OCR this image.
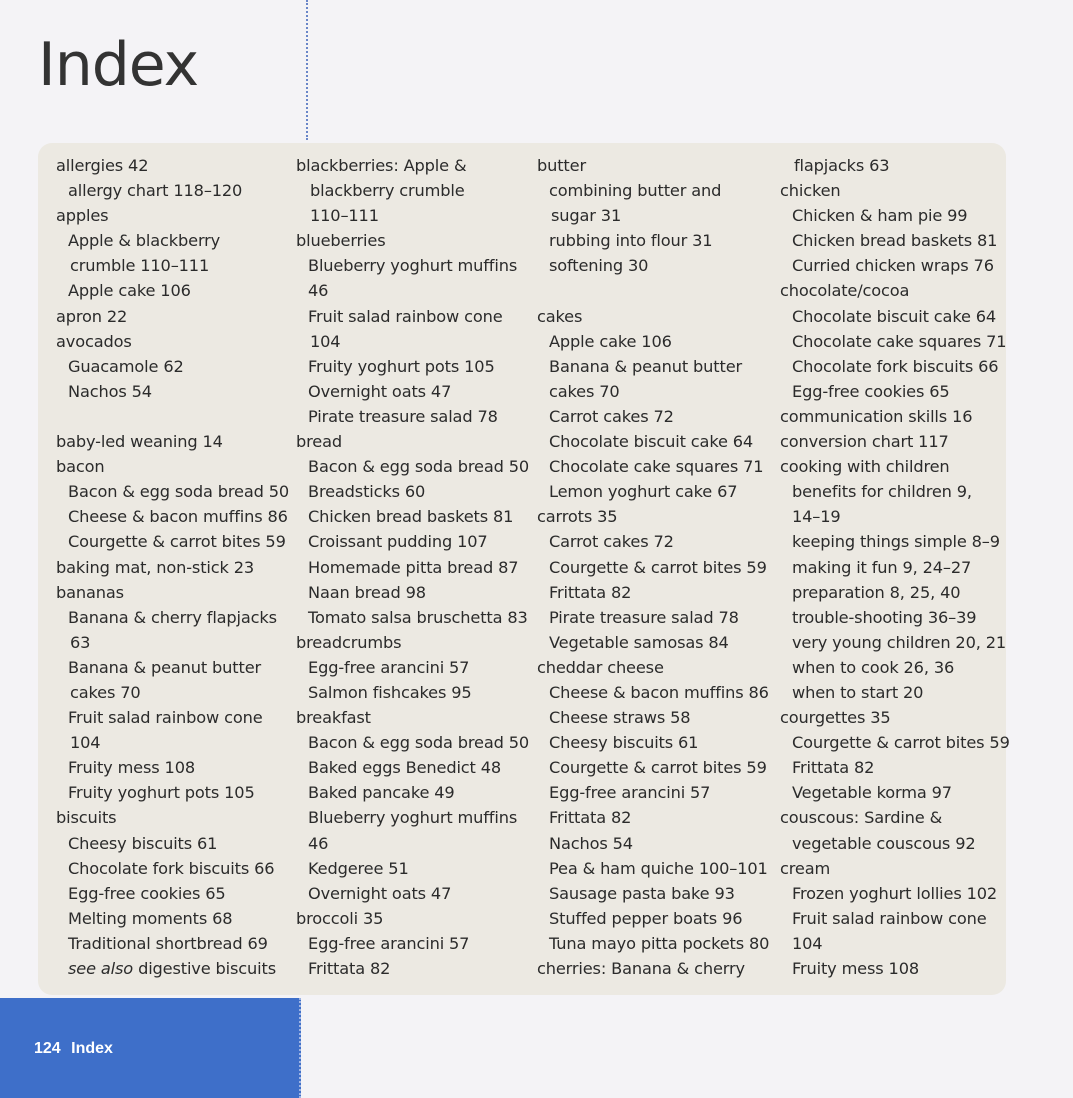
Index
allergies 42
allergy chart 118–120
apples
Apple & blackberry
crumble 110–111
Apple cake 106
apron 22
avocados
Guacamole 62
Nachos 54
baby-led weaning 14
bacon
Bacon & egg soda bread 50
Cheese & bacon muffins 86
Courgette & carrot bites 59
baking mat, non-stick 23
bananas
Banana & cherry flapjacks
63
Banana & peanut butter
cakes 70
Fruit salad rainbow cone
104
Fruity mess 108
Fruity yoghurt pots 105
biscuits
Cheesy biscuits 61
Chocolate fork biscuits 66
Egg-free cookies 65
Melting moments 68
Traditional shortbread 69
see also digestive biscuits
blackberries: Apple &
blackberry crumble
110–111
blueberries
Blueberry yoghurt muffins
46
Fruit salad rainbow cone
104
Fruity yoghurt pots 105
Overnight oats 47
Pirate treasure salad 78
bread
Bacon & egg soda bread 50
Breadsticks 60
Chicken bread baskets 81
Croissant pudding 107
Homemade pitta bread 87
Naan bread 98
Tomato salsa bruschetta 83
breadcrumbs
Egg-free arancini 57
Salmon fishcakes 95
breakfast
Bacon & egg soda bread 50
Baked eggs Benedict 48
Baked pancake 49
Blueberry yoghurt muffins
46
Kedgeree 51
Overnight oats 47
broccoli 35
Egg-free arancini 57
Frittata 82
butter
combining butter and
sugar 31
rubbing into flour 31
softening 30
cakes
Apple cake 106
Banana & peanut butter
cakes 70
Carrot cakes 72
Chocolate biscuit cake 64
Chocolate cake squares 71
Lemon yoghurt cake 67
carrots 35
Carrot cakes 72
Courgette & carrot bites 59
Frittata 82
Pirate treasure salad 78
Vegetable samosas 84
cheddar cheese
Cheese & bacon muffins 86
Cheese straws 58
Cheesy biscuits 61
Courgette & carrot bites 59
Egg-free arancini 57
Frittata 82
Nachos 54
Pea & ham quiche 100–101
Sausage pasta bake 93
Stuffed pepper boats 96
Tuna mayo pitta pockets 80
cherries: Banana & cherry
flapjacks 63
chicken
Chicken & ham pie 99
Chicken bread baskets 81
Curried chicken wraps 76
chocolate/cocoa
Chocolate biscuit cake 64
Chocolate cake squares 71
Chocolate fork biscuits 66
Egg-free cookies 65
communication skills 16
conversion chart 117
cooking with children
benefits for children 9,
14–19
keeping things simple 8–9
making it fun 9, 24–27
preparation 8, 25, 40
trouble-shooting 36–39
very young children 20, 21
when to cook 26, 36
when to start 20
courgettes 35
Courgette & carrot bites 59
Frittata 82
Vegetable korma 97
couscous: Sardine &
vegetable couscous 92
cream
Frozen yoghurt lollies 102
Fruit salad rainbow cone
104
Fruity mess 108
124 Index
